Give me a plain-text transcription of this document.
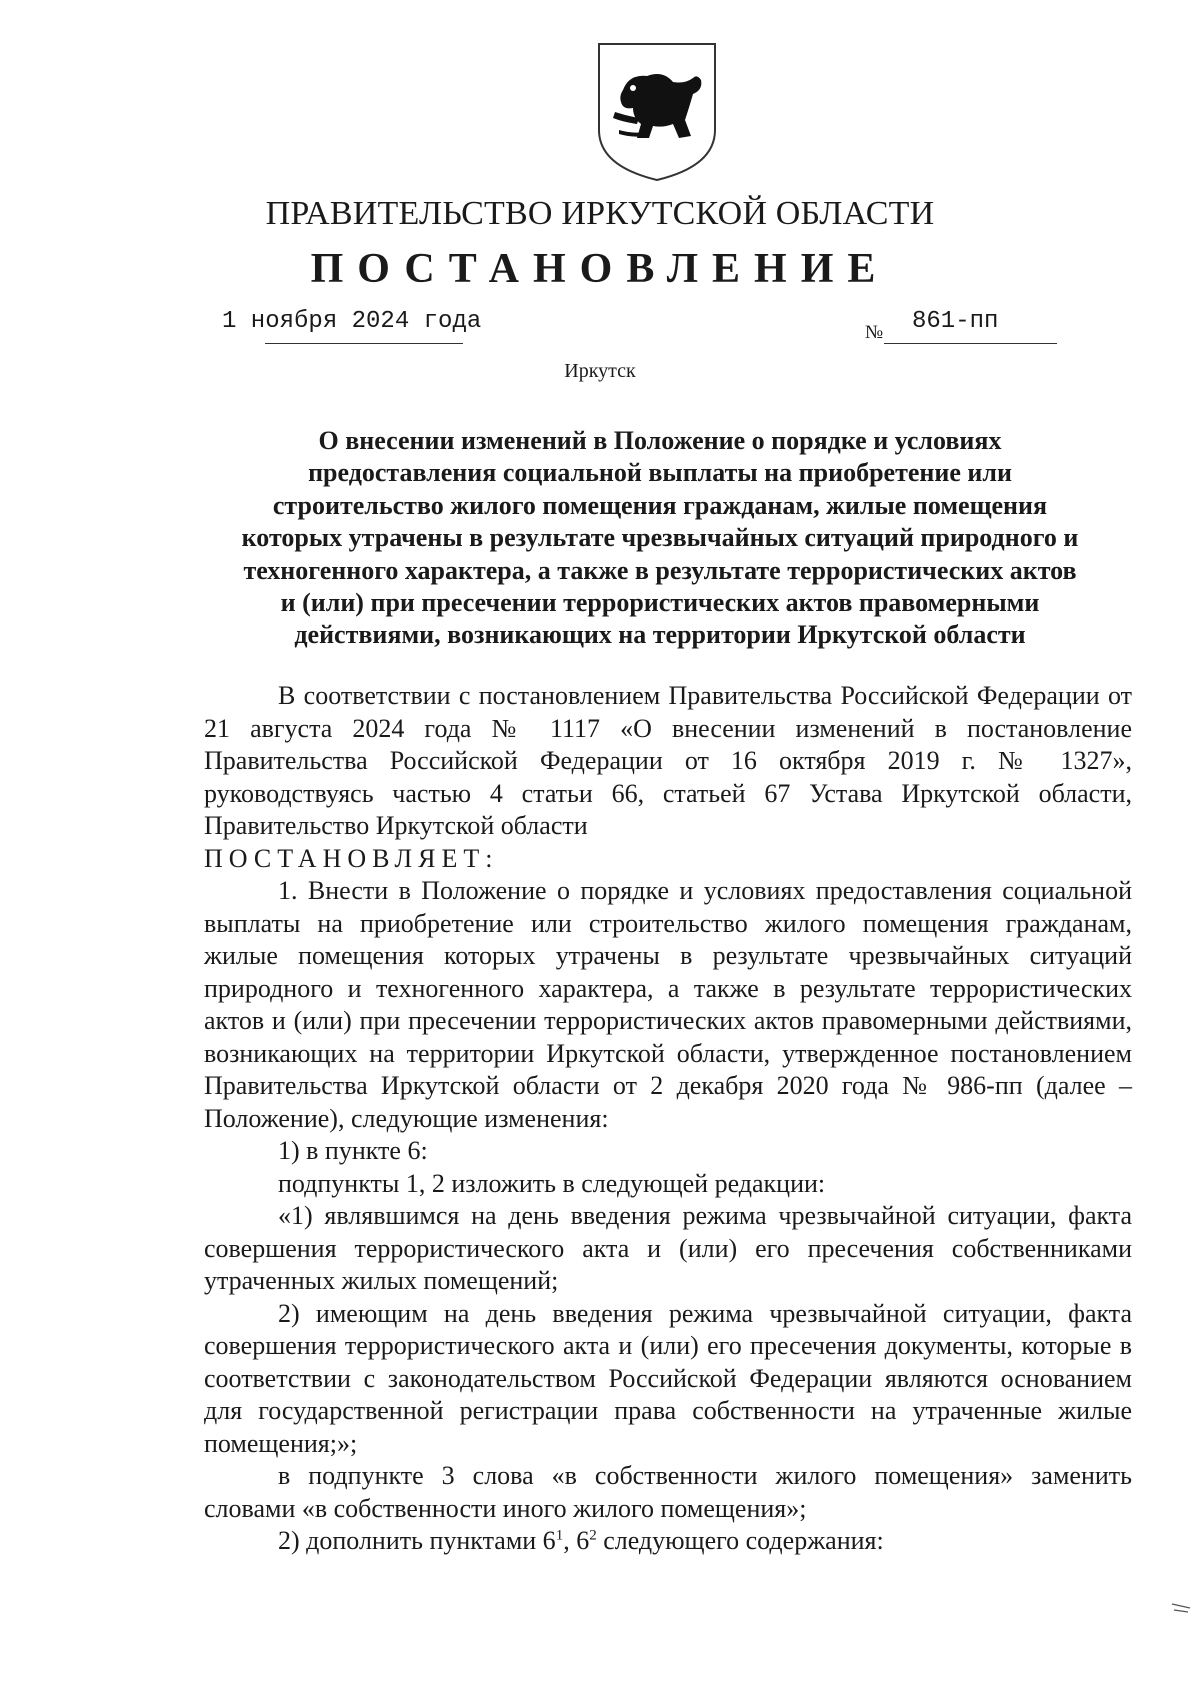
ПРАВИТЕЛЬСТВО ИРКУТСКОЙ ОБЛАСТИ
ПОСТАНОВЛЕНИЕ
1 ноября 2024 года	№ 861-пп
Иркутск
О внесении изменений в Положение о порядке и условиях
предоставления социальной выплаты на приобретение или
строительство жилого помещения гражданам, жилые помещения
которых утрачены в результате чрезвычайных ситуаций природного и
техногенного характера, а также в результате террористических актов
и (или) при пресечении террористических актов правомерными
действиями, возникающих на территории Иркутской области

В соответствии с постановлением Правительства Российской Федерации от 21 августа 2024 года № 1117 «О внесении изменений в постановление Правительства Российской Федерации от 16 октября 2019 г. № 1327», руководствуясь частью 4 статьи 66, статьей 67 Устава Иркутской области, Правительство Иркутской области

ПОСТАНОВЛЯЕТ:

1. Внести в Положение о порядке и условиях предоставления социальной выплаты на приобретение или строительство жилого помещения гражданам, жилые помещения которых утрачены в результате чрезвычайных ситуаций природного и техногенного характера, а также в результате террористических актов и (или) при пресечении террористических актов правомерными действиями, возникающих на территории Иркутской области, утвержденное постановлением Правительства Иркутской области от 2 декабря 2020 года № 986-пп (далее – Положение), следующие изменения:

1) в пункте 6:

подпункты 1, 2 изложить в следующей редакции:

«1) являвшимся на день введения режима чрезвычайной ситуации, факта совершения террористического акта и (или) его пресечения собственниками утраченных жилых помещений;

2) имеющим на день введения режима чрезвычайной ситуации, факта совершения террористического акта и (или) его пресечения документы, которые в соответствии с законодательством Российской Федерации являются основанием для государственной регистрации права собственности на утраченные жилые помещения;»;

в подпункте 3 слова «в собственности жилого помещения» заменить словами «в собственности иного жилого помещения»;

2) дополнить пунктами $6^1$, $6^2$ следующего содержания:
